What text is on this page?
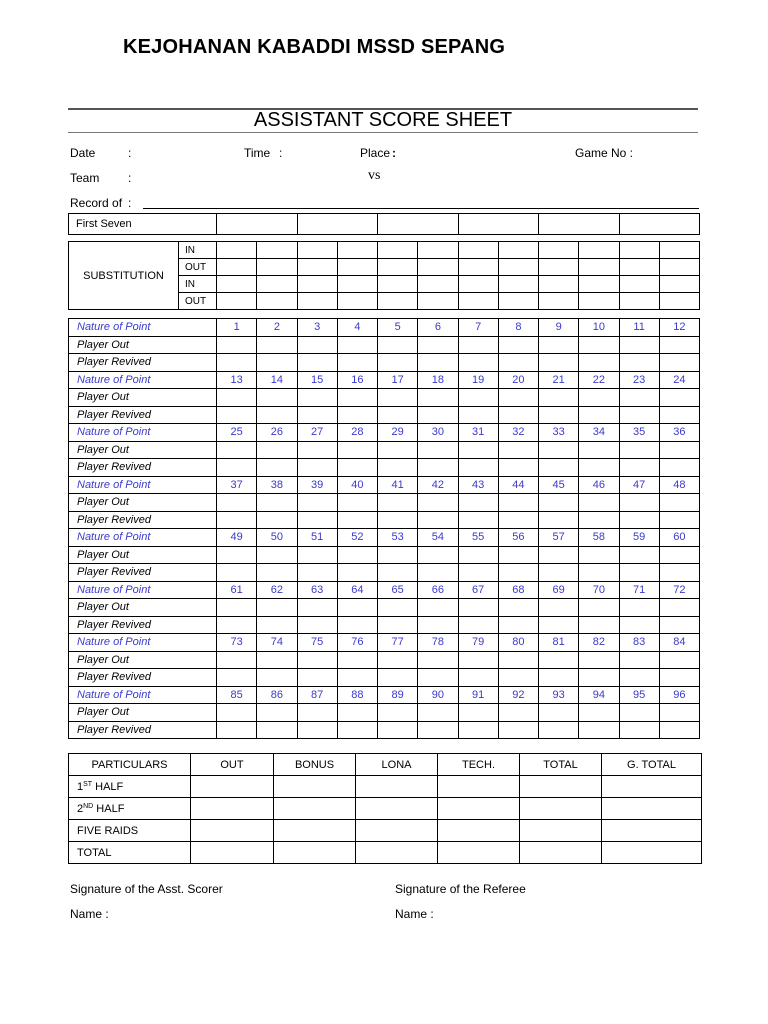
KEJOHANAN KABADDI MSSD SEPANG
ASSISTANT SCORE SHEET
Date	:	Time :	Place :	Game No :
Team :	vs
Record of :
First Seven						
SUBSTITUTION	IN												
	OUT												
	IN												
	OUT												
Nature of Point	1	2	3	4	5	6	7	8	9	10	11	12
Player Out												
Player Revived												
Nature of Point	13	14	15	16	17	18	19	20	21	22	23	24
Player Out												
Player Revived												
Nature of Point	25	26	27	28	29	30	31	32	33	34	35	36
Player Out												
Player Revived												
Nature of Point	37	38	39	40	41	42	43	44	45	46	47	48
Player Out												
Player Revived												
Nature of Point	49	50	51	52	53	54	55	56	57	58	59	60
Player Out												
Player Revived												
Nature of Point	61	62	63	64	65	66	67	68	69	70	71	72
Player Out												
Player Revived												
Nature of Point	73	74	75	76	77	78	79	80	81	82	83	84
Player Out												
Player Revived												
Nature of Point	85	86	87	88	89	90	91	92	93	94	95	96
Player Out												
Player Revived												
PARTICULARS	OUT	BONUS	LONA	TECH.	TOTAL	G. TOTAL
1ST HALF						
2ND HALF						
FIVE RAIDS						
TOTAL						
Signature of the Asst. Scorer	Signature of the Referee
Name :	Name :
